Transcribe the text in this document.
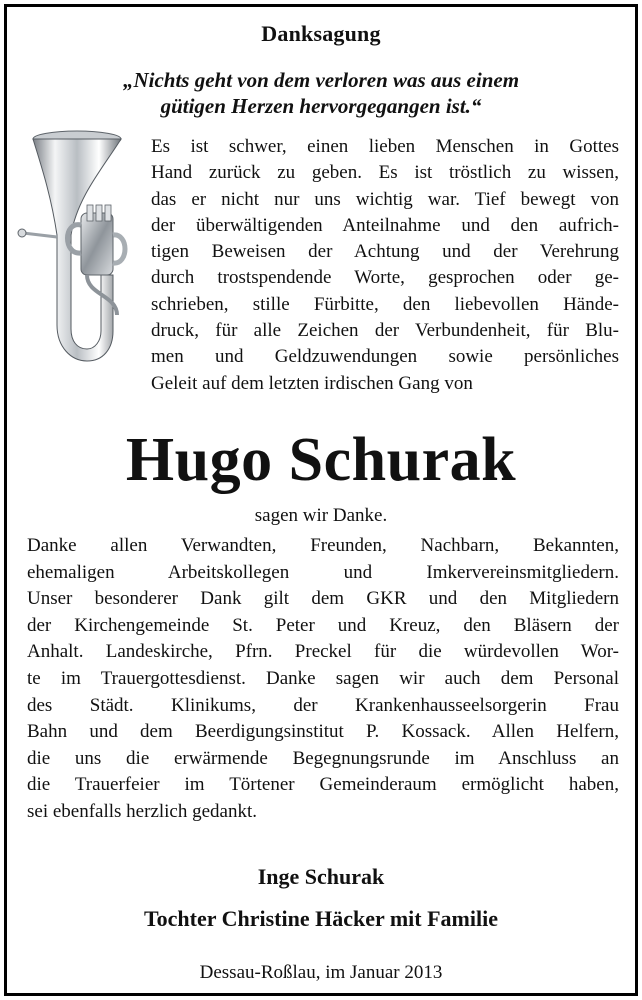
Danksagung
„Nichts geht von dem verloren was aus einem
gütigen Herzen hervorgegangen ist.“
Es ist schwer, einen lieben Menschen in Gottes
Hand zurück zu geben. Es ist tröstlich zu wissen,
das er nicht nur uns wichtig war. Tief bewegt von
der überwältigenden Anteilnahme und den aufrich-
tigen Beweisen der Achtung und der Verehrung
durch trostspendende Worte, gesprochen oder ge-
schrieben, stille Fürbitte, den liebevollen Hände-
druck, für alle Zeichen der Verbundenheit, für Blu-
men und Geldzuwendungen sowie persönliches
Geleit auf dem letzten irdischen Gang von
Hugo Schurak
sagen wir Danke.
Danke allen Verwandten, Freunden, Nachbarn, Bekannten,
ehemaligen Arbeitskollegen und Imkervereinsmitgliedern.
Unser besonderer Dank gilt dem GKR und den Mitgliedern
der Kirchengemeinde St. Peter und Kreuz, den Bläsern der
Anhalt. Landeskirche, Pfrn. Preckel für die würdevollen Wor-
te im Trauergottesdienst. Danke sagen wir auch dem Personal
des Städt. Klinikums, der Krankenhausseelsorgerin Frau
Bahn und dem Beerdigungsinstitut P. Kossack. Allen Helfern,
die uns die erwärmende Begegnungsrunde im Anschluss an
die Trauerfeier im Törtener Gemeinderaum ermöglicht haben,
sei ebenfalls herzlich gedankt.
Inge Schurak
Tochter Christine Häcker mit Familie
Dessau-Roßlau, im Januar 2013
